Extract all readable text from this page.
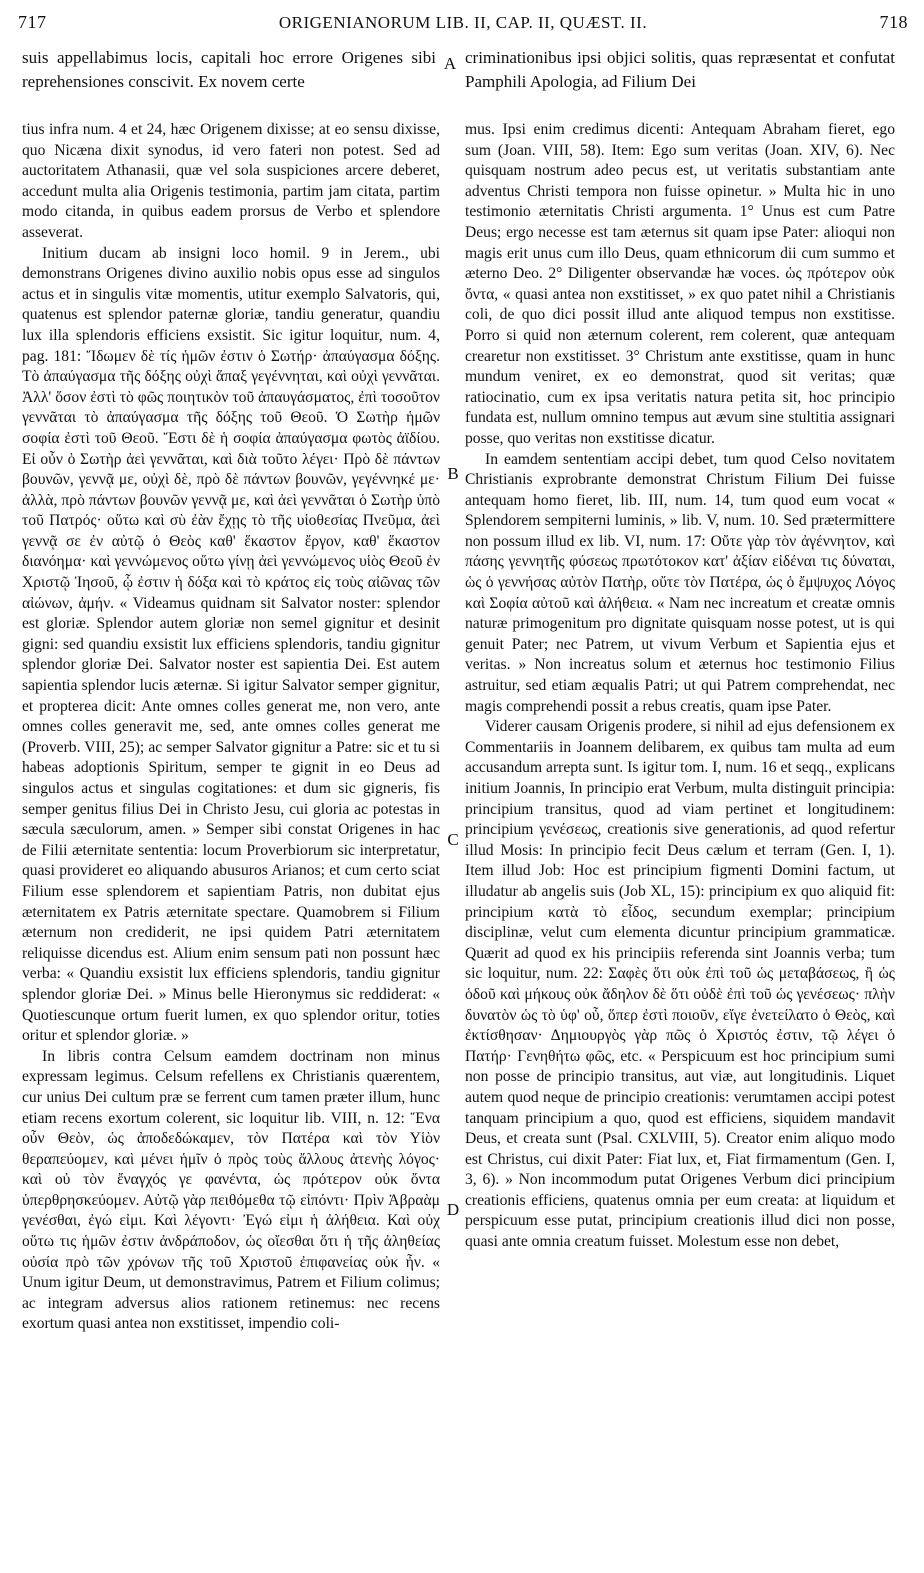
717	ORIGENIANORUM LIB. II, CAP. II, QUÆST. II.	718
suis appellabimus locis, capitali hoc errore Origenes sibi reprehensiones conscivit. Ex novem certe
criminationibus ipsi objici solitis, quas repræsentat et confutat Pamphili Apologia, ad Filium Dei
A
B
C
D

tius infra num. 4 et 24, hæc Origenem dixisse; at eo sensu dixisse, quo Nicæna dixit synodus, id vero fateri non potest. Sed ad auctoritatem Athanasii, quæ vel sola suspiciones arcere deberet, accedunt multa alia Origenis testimonia, partim jam citata, partim modo citanda, in quibus eadem prorsus de Verbo et splendore asseverat.

Initium ducam ab insigni loco homil. 9 in Jerem., ubi demonstrans Origenes divino auxilio nobis opus esse ad singulos actus et in singulis vitæ momentis, utitur exemplo Salvatoris, qui, quatenus est splendor paternæ gloriæ, tandiu generatur, quandiu lux illa splendoris efficiens exsistit. Sic igitur loquitur, num. 4, pag. 181: Ἴδωμεν δὲ τίς ἡμῶν ἐστιν ὁ Σωτήρ· ἀπαύγασμα δόξης. Τὸ ἀπαύγασμα τῆς δόξης οὐχὶ ἅπαξ γεγέννηται, καὶ οὐχὶ γεννᾶται. Ἀλλ' ὅσον ἐστὶ τὸ φῶς ποιητικὸν τοῦ ἀπαυγάσματος, ἐπὶ τοσοῦτον γεννᾶται τὸ ἀπαύγασμα τῆς δόξης τοῦ Θεοῦ. Ὁ Σωτὴρ ἡμῶν σοφία ἐστὶ τοῦ Θεοῦ. Ἔστι δὲ ἡ σοφία ἀπαύγασμα φωτὸς ἀϊδίου. Εἰ οὖν ὁ Σωτὴρ ἀεὶ γεννᾶται, καὶ διὰ τοῦτο λέγει· Πρὸ δὲ πάντων βουνῶν, γεννᾷ με, οὐχὶ δὲ, πρὸ δὲ πάντων βουνῶν, γεγέννηκέ με· ἀλλὰ, πρὸ πάντων βουνῶν γεννᾷ με, καὶ ἀεὶ γεννᾶται ὁ Σωτὴρ ὑπὸ τοῦ Πατρός· οὕτω καὶ σὺ ἐὰν ἔχῃς τὸ τῆς υἱοθεσίας Πνεῦμα, ἀεὶ γεννᾷ σε ἐν αὐτῷ ὁ Θεὸς καθ' ἕκαστον ἔργον, καθ' ἕκαστον διανόημα· καὶ γεννώμενος οὕτω γίνῃ ἀεὶ γεννώμενος υἱὸς Θεοῦ ἐν Χριστῷ Ἰησοῦ, ᾧ ἐστιν ἡ δόξα καὶ τὸ κράτος εἰς τοὺς αἰῶνας τῶν αἰώνων, ἀμήν. « Videamus quidnam sit Salvator noster: splendor est gloriæ. Splendor autem gloriæ non semel gignitur et desinit gigni: sed quandiu exsistit lux efficiens splendoris, tandiu gignitur splendor gloriæ Dei. Salvator noster est sapientia Dei. Est autem sapientia splendor lucis æternæ. Si igitur Salvator semper gignitur, et propterea dicit: Ante omnes colles generat me, non vero, ante omnes colles generavit me, sed, ante omnes colles generat me (Proverb. VIII, 25); ac semper Salvator gignitur a Patre: sic et tu si habeas adoptionis Spiritum, semper te gignit in eo Deus ad singulos actus et singulas cogitationes: et dum sic gigneris, fis semper genitus filius Dei in Christo Jesu, cui gloria ac potestas in sæcula sæculorum, amen. » Semper sibi constat Origenes in hac de Filii æternitate sententia: locum Proverbiorum sic interpretatur, quasi provideret eo aliquando abusuros Arianos; et cum certo sciat Filium esse splendorem et sapientiam Patris, non dubitat ejus æternitatem ex Patris æternitate spectare. Quamobrem si Filium æternum non crediderit, ne ipsi quidem Patri æternitatem reliquisse dicendus est. Alium enim sensum pati non possunt hæc verba: « Quandiu exsistit lux efficiens splendoris, tandiu gignitur splendor gloriæ Dei. » Minus belle Hieronymus sic reddiderat: « Quotiescunque ortum fuerit lumen, ex quo splendor oritur, toties oritur et splendor gloriæ. »

In libris contra Celsum eamdem doctrinam non minus expressam legimus. Celsum refellens ex Christianis quærentem, cur unius Dei cultum præ se ferrent cum tamen præter illum, hunc etiam recens exortum colerent, sic loquitur lib. VIII, n. 12: Ἕνα οὖν Θεὸν, ὡς ἀποδεδώκαμεν, τὸν Πατέρα καὶ τὸν Υἱὸν θεραπεύομεν, καὶ μένει ἡμῖν ὁ πρὸς τοὺς ἄλλους ἀτενὴς λόγος· καὶ οὐ τὸν ἔναγχός γε φανέντα, ὡς πρότερον οὐκ ὄντα ὑπερθρησκεύομεν. Αὐτῷ γὰρ πειθόμεθα τῷ εἰπόντι· Πρὶν Ἀβραὰμ γενέσθαι, ἐγώ εἰμι. Καὶ λέγοντι· Ἐγώ εἰμι ἡ ἀλήθεια. Καὶ οὐχ οὕτω τις ἡμῶν ἐστιν ἀνδράποδον, ὡς οἴεσθαι ὅτι ἡ τῆς ἀληθείας οὐσία πρὸ τῶν χρόνων τῆς τοῦ Χριστοῦ ἐπιφανείας οὐκ ἦν. « Unum igitur Deum, ut demonstravimus, Patrem et Filium colimus; ac integram adversus alios rationem retinemus: nec recens exortum quasi antea non exstitisset, impendio coli-

mus. Ipsi enim credimus dicenti: Antequam Abraham fieret, ego sum (Joan. VIII, 58). Item: Ego sum veritas (Joan. XIV, 6). Nec quisquam nostrum adeo pecus est, ut veritatis substantiam ante adventus Christi tempora non fuisse opinetur. » Multa hic in uno testimonio æternitatis Christi argumenta. 1° Unus est cum Patre Deus; ergo necesse est tam æternus sit quam ipse Pater: alioqui non magis erit unus cum illo Deus, quam ethnicorum dii cum summo et æterno Deo. 2° Diligenter observandæ hæ voces. ὡς πρότερον οὐκ ὄντα, « quasi antea non exstitisset, » ex quo patet nihil a Christianis coli, de quo dici possit illud ante aliquod tempus non exstitisse. Porro si quid non æternum colerent, rem colerent, quæ antequam crearetur non exstitisset. 3° Christum ante exstitisse, quam in hunc mundum veniret, ex eo demonstrat, quod sit veritas; quæ ratiocinatio, cum ex ipsa veritatis natura petita sit, hoc principio fundata est, nullum omnino tempus aut ævum sine stultitia assignari posse, quo veritas non exstitisse dicatur.

In eamdem sententiam accipi debet, tum quod Celso novitatem Christianis exprobrante demonstrat Christum Filium Dei fuisse antequam homo fieret, lib. III, num. 14, tum quod eum vocat « Splendorem sempiterni luminis, » lib. V, num. 10. Sed prætermittere non possum illud ex lib. VI, num. 17: Οὔτε γὰρ τὸν ἀγέννητον, καὶ πάσης γεννητῆς φύσεως πρωτότοκον κατ' ἀξίαν εἰδέναι τις δύναται, ὡς ὁ γεννήσας αὐτὸν Πατὴρ, οὔτε τὸν Πατέρα, ὡς ὁ ἔμψυχος Λόγος καὶ Σοφία αὐτοῦ καὶ ἀλήθεια. « Nam nec increatum et creatæ omnis naturæ primogenitum pro dignitate quisquam nosse potest, ut is qui genuit Pater; nec Patrem, ut vivum Verbum et Sapientia ejus et veritas. » Non increatus solum et æternus hoc testimonio Filius astruitur, sed etiam æqualis Patri; ut qui Patrem comprehendat, nec magis comprehendi possit a rebus creatis, quam ipse Pater.

Viderer causam Origenis prodere, si nihil ad ejus defensionem ex Commentariis in Joannem delibarem, ex quibus tam multa ad eum accusandum arrepta sunt. Is igitur tom. I, num. 16 et seqq., explicans initium Joannis, In principio erat Verbum, multa distinguit principia: principium transitus, quod ad viam pertinet et longitudinem: principium γενέσεως, creationis sive generationis, ad quod refertur illud Mosis: In principio fecit Deus cælum et terram (Gen. I, 1). Item illud Job: Hoc est principium figmenti Domini factum, ut illudatur ab angelis suis (Job XL, 15): principium ex quo aliquid fit: principium κατὰ τὸ εἶδος, secundum exemplar; principium disciplinæ, velut cum elementa dicuntur principium grammaticæ. Quærit ad quod ex his principiis referenda sint Joannis verba; tum sic loquitur, num. 22: Σαφὲς ὅτι οὐκ ἐπὶ τοῦ ὡς μεταβάσεως, ἢ ὡς ὁδοῦ καὶ μήκους οὐκ ἄδηλον δὲ ὅτι οὐδὲ ἐπὶ τοῦ ὡς γενέσεως· πλὴν δυνατὸν ὡς τὸ ὑφ' οὗ, ὅπερ ἐστὶ ποιοῦν, εἴγε ἐνετείλατο ὁ Θεὸς, καὶ ἐκτίσθησαν· Δημιουργὸς γὰρ πῶς ὁ Χριστός ἐστιν, τῷ λέγει ὁ Πατήρ· Γενηθήτω φῶς, etc. « Perspicuum est hoc principium sumi non posse de principio transitus, aut viæ, aut longitudinis. Liquet autem quod neque de principio creationis: verumtamen accipi potest tanquam principium a quo, quod est efficiens, siquidem mandavit Deus, et creata sunt (Psal. CXLVIII, 5). Creator enim aliquo modo est Christus, cui dixit Pater: Fiat lux, et, Fiat firmamentum (Gen. I, 3, 6). » Non incommodum putat Origenes Verbum dici principium creationis efficiens, quatenus omnia per eum creata: at liquidum et perspicuum esse putat, principium creationis illud dici non posse, quasi ante omnia creatum fuisset. Molestum esse non debet,
